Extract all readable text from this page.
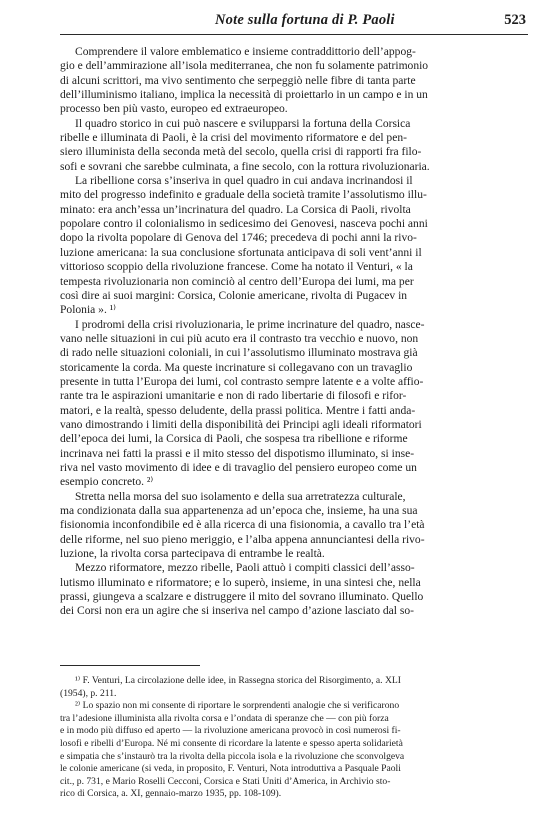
Note sulla fortuna di P. Paoli	523
Comprendere il valore emblematico e insieme contraddittorio dell’appog-
gio e dell’ammirazione all’isola mediterranea, che non fu solamente patrimonio
di alcuni scrittori, ma vivo sentimento che serpeggiò nelle fibre di tanta parte
dell’illuminismo italiano, implica la necessità di proiettarlo in un campo e in un
processo ben più vasto, europeo ed extraeuropeo.
Il quadro storico in cui può nascere e svilupparsi la fortuna della Corsica
ribelle e illuminata di Paoli, è la crisi del movimento riformatore e del pen-
siero illuminista della seconda metà del secolo, quella crisi di rapporti fra filo-
sofi e sovrani che sarebbe culminata, a fine secolo, con la rottura rivoluzionaria.
La ribellione corsa s’inseriva in quel quadro in cui andava incrinandosi il
mito del progresso indefinito e graduale della società tramite l’assolutismo illu-
minato: era anch’essa un’incrinatura del quadro. La Corsica di Paoli, rivolta
popolare contro il colonialismo in sedicesimo dei Genovesi, nasceva pochi anni
dopo la rivolta popolare di Genova del 1746; precedeva di pochi anni la rivo-
luzione americana: la sua conclusione sfortunata anticipava di soli vent’anni il
vittorioso scoppio della rivoluzione francese. Come ha notato il Venturi, « la
tempesta rivoluzionaria non cominciò al centro dell’Europa dei lumi, ma per
così dire ai suoi margini: Corsica, Colonie americane, rivolta di Pugacev in
Polonia ». ¹⁾
I prodromi della crisi rivoluzionaria, le prime incrinature del quadro, nasce-
vano nelle situazioni in cui più acuto era il contrasto tra vecchio e nuovo, non
di rado nelle situazioni coloniali, in cui l’assolutismo illuminato mostrava già
storicamente la corda. Ma queste incrinature si collegavano con un travaglio
presente in tutta l’Europa dei lumi, col contrasto sempre latente e a volte affio-
rante tra le aspirazioni umanitarie e non di rado libertarie di filosofi e rifor-
matori, e la realtà, spesso deludente, della prassi politica. Mentre i fatti anda-
vano dimostrando i limiti della disponibilità dei Principi agli ideali riformatori
dell’epoca dei lumi, la Corsica di Paoli, che sospesa tra ribellione e riforme
incrinava nei fatti la prassi e il mito stesso del dispotismo illuminato, si inse-
riva nel vasto movimento di idee e di travaglio del pensiero europeo come un
esempio concreto. ²⁾
Stretta nella morsa del suo isolamento e della sua arretratezza culturale,
ma condizionata dalla sua appartenenza ad un’epoca che, insieme, ha una sua
fisionomia inconfondibile ed è alla ricerca di una fisionomia, a cavallo tra l’età
delle riforme, nel suo pieno meriggio, e l’alba appena annunciantesi della rivo-
luzione, la rivolta corsa partecipava di entrambe le realtà.
Mezzo riformatore, mezzo ribelle, Paoli attuò i compiti classici dell’asso-
lutismo illuminato e riformatore; e lo superò, insieme, in una sintesi che, nella
prassi, giungeva a scalzare e distruggere il mito del sovrano illuminato. Quello
dei Corsi non era un agire che si inseriva nel campo d’azione lasciato dal so-
¹⁾ F. Venturi, La circolazione delle idee, in Rassegna storica del Risorgimento, a. XLI
(1954), p. 211.
²⁾ Lo spazio non mi consente di riportare le sorprendenti analogie che si verificarono
tra l’adesione illuminista alla rivolta corsa e l’ondata di speranze che — con più forza
e in modo più diffuso ed aperto — la rivoluzione americana provocò in così numerosi fi-
losofi e ribelli d’Europa. Né mi consente di ricordare la latente e spesso aperta solidarietà
e simpatia che s’instaurò tra la rivolta della piccola isola e la rivoluzione che sconvolgeva
le colonie americane (si veda, in proposito, F. Venturi, Nota introduttiva a Pasquale Paoli
cit., p. 731, e Mario Roselli Cecconi, Corsica e Stati Uniti d’America, in Archivio sto-
rico di Corsica, a. XI, gennaio-marzo 1935, pp. 108-109).
